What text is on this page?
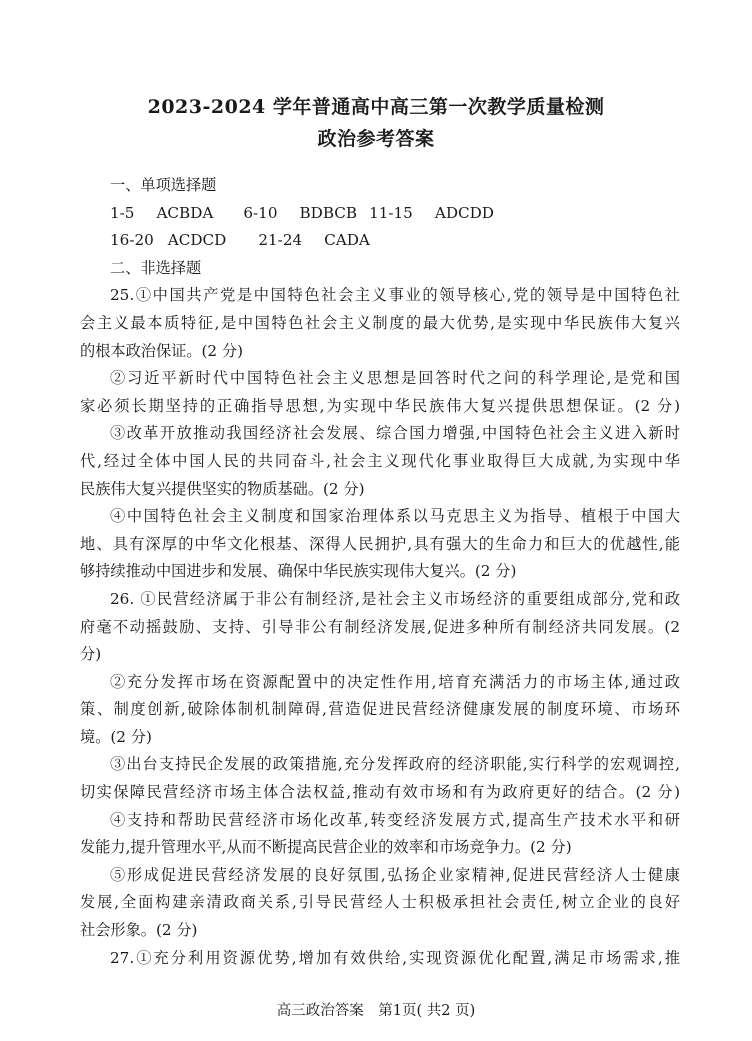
2023-2024 学年普通高中高三第一次教学质量检测
政治参考答案
一、单项选择题
1-5 ACBDA 6-10 BDBCB 11-15 ADCDD
16-20 ACDCD 21-24 CADA
二、非选择题
25.①中国共产党是中国特色社会主义事业的领导核心,党的领导是中国特色社
会主义最本质特征,是中国特色社会主义制度的最大优势,是实现中华民族伟大复兴
的根本政治保证。(2 分)
②习近平新时代中国特色社会主义思想是回答时代之问的科学理论,是党和国
家必须长期坚持的正确指导思想,为实现中华民族伟大复兴提供思想保证。(2 分)
③改革开放推动我国经济社会发展、综合国力增强,中国特色社会主义进入新时
代,经过全体中国人民的共同奋斗,社会主义现代化事业取得巨大成就,为实现中华
民族伟大复兴提供坚实的物质基础。(2 分)
④中国特色社会主义制度和国家治理体系以马克思主义为指导、植根于中国大
地、具有深厚的中华文化根基、深得人民拥护,具有强大的生命力和巨大的优越性,能
够持续推动中国进步和发展、确保中华民族实现伟大复兴。(2 分)
26. ①民营经济属于非公有制经济,是社会主义市场经济的重要组成部分,党和政
府毫不动摇鼓励、支持、引导非公有制经济发展,促进多种所有制经济共同发展。(2
分)
②充分发挥市场在资源配置中的决定性作用,培育充满活力的市场主体,通过政
策、制度创新,破除体制机制障碍,营造促进民营经济健康发展的制度环境、市场环
境。(2 分)
③出台支持民企发展的政策措施,充分发挥政府的经济职能,实行科学的宏观调控,
切实保障民营经济市场主体合法权益,推动有效市场和有为政府更好的结合。(2 分)
④支持和帮助民营经济市场化改革,转变经济发展方式,提高生产技术水平和研
发能力,提升管理水平,从而不断提高民营企业的效率和市场竞争力。(2 分)
⑤形成促进民营经济发展的良好氛围,弘扬企业家精神,促进民营经济人士健康
发展,全面构建亲清政商关系,引导民营经人士积极承担社会责任,树立企业的良好
社会形象。(2 分)
27.①充分利用资源优势,增加有效供给,实现资源优化配置,满足市场需求,推
高三政治答案　第1页( 共2 页)
